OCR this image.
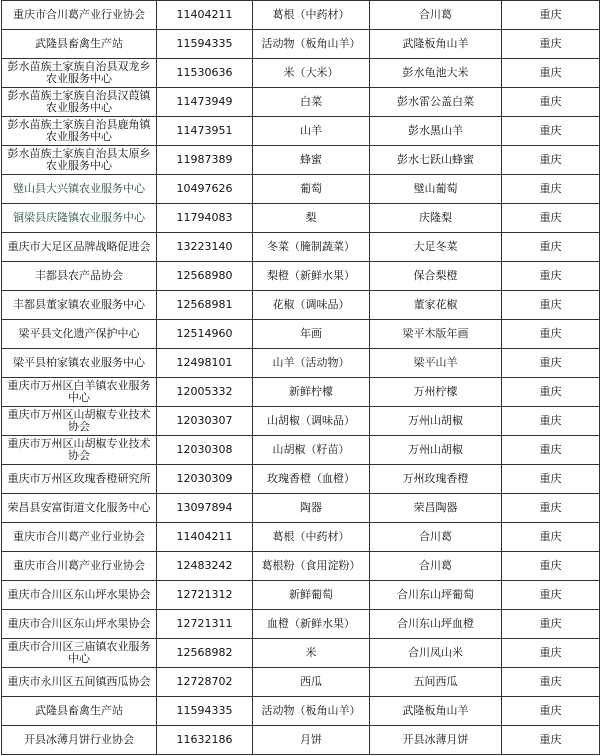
重庆市合川葛产业行业协会	11404211	葛根（中药材）	合川葛	重庆
武隆县畜禽生产站	11594335	活动物（板角山羊）	武隆板角山羊	重庆
彭水苗族土家族自治县双龙乡农业服务中心	11530636	米（大米）	彭水龟池大米	重庆
彭水苗族土家族自治县汉葭镇农业服务中心	11473949	白菜	彭水雷公盖白菜	重庆
彭水苗族土家族自治县鹿角镇农业服务中心	11473951	山羊	彭水黑山羊	重庆
彭水苗族土家族自治县太原乡农业服务中心	11987389	蜂蜜	彭水七跃山蜂蜜	重庆
璧山县大兴镇农业服务中心	10497626	葡萄	璧山葡萄	重庆
铜梁县庆隆镇农业服务中心	11794083	梨	庆隆梨	重庆
重庆市大足区品牌战略促进会	13223140	冬菜（腌制蔬菜）	大足冬菜	重庆
丰都县农产品协会	12568980	梨橙（新鲜水果）	保合梨橙	重庆
丰都县董家镇农业服务中心	12568981	花椒（调味品）	董家花椒	重庆
梁平县文化遗产保护中心	12514960	年画	梁平木版年画	重庆
梁平县柏家镇农业服务中心	12498101	山羊（活动物）	梁平山羊	重庆
重庆市万州区白羊镇农业服务中心	12005332	新鲜柠檬	万州柠檬	重庆
重庆市万州区山胡椒专业技术协会	12030307	山胡椒（调味品）	万州山胡椒	重庆
重庆市万州区山胡椒专业技术协会	12030308	山胡椒（籽苗）	万州山胡椒	重庆
重庆市万州区玫瑰香橙研究所	12030309	玫瑰香橙（血橙）	万州玫瑰香橙	重庆
荣昌县安富街道文化服务中心	13097894	陶器	荣昌陶器	重庆
重庆市合川葛产业行业协会	11404211	葛根（中药材）	合川葛	重庆
重庆市合川葛产业行业协会	12483242	葛根粉（食用淀粉）	合川葛	重庆
重庆市合川区东山坪水果协会	12721312	新鲜葡萄	合川东山坪葡萄	重庆
重庆市合川区东山坪水果协会	12721311	血橙（新鲜水果）	合川东山坪血橙	重庆
重庆市合川区三庙镇农业服务中心	12568982	米	合川凤山米	重庆
重庆市永川区五间镇西瓜协会	12728702	西瓜	五间西瓜	重庆
武隆县畜禽生产站	11594335	活动物（板角山羊）	武隆板角山羊	重庆
开县冰薄月饼行业协会	11632186	月饼	开县冰薄月饼	重庆
